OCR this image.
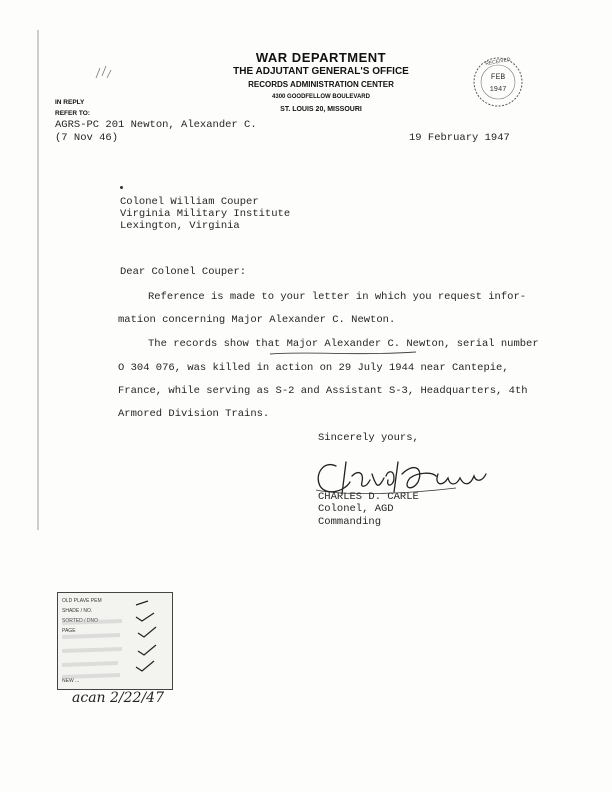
WAR DEPARTMENT
THE ADJUTANT GENERAL'S OFFICE
RECORDS ADMINISTRATION CENTER
4300 GOODFELLOW BOULEVARD
ST. LOUIS 20, MISSOURI
RECEIVED
FEB
1947
IN REPLY
REFER TO:
AGRS-PC 201 Newton, Alexander C.
(7 Nov 46)	19 February 1947
Colonel William Couper
Virginia Military Institute
Lexington, Virginia
Dear Colonel Couper:
Reference is made to your letter in which you request infor-
mation concerning Major Alexander C. Newton.
The records show that Major Alexander C. Newton, serial number
O 304 076, was killed in action on 29 July 1944 near Cantepie,
France, while serving as S-2 and Assistant S-3, Headquarters, 4th
Armored Division Trains.
Sincerely yours,
CHARLES D. CARLE
Colonel, AGD
Commanding
OLD PLAVE PEM
SHADE / NO.
SORTED / DNO
PAGE
NEW ...
acan 2/22/47
